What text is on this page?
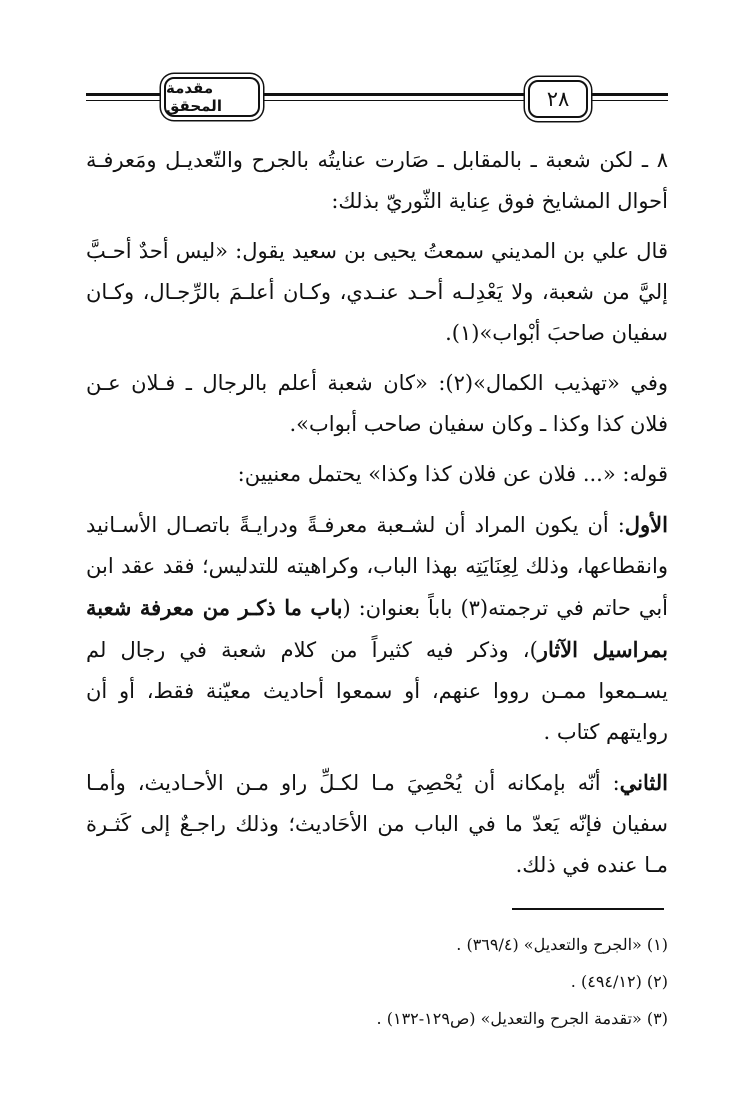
مقدمة المحقق	٢٨

٨ ـ لكن شعبة ـ بالمقابل ـ صَارت عنايتُه بالجرح والتّعديـل ومَعرفـة أحوال المشايخ فوق عِناية الثّوريّ بذلك:

قال علي بن المديني سمعتُ يحيى بن سعيد يقول: «ليس أحدٌ أحـبَّ إليَّ من شعبة، ولا يَعْدِلـه أحـد عنـدي، وكـان أعلـمَ بالرِّجـال، وكـان سفيان صاحبَ أبْواب»(١).

وفي «تهذيب الكمال»(٢): «كان شعبة أعلم بالرجال ـ فـلان عـن فلان كذا وكذا ـ وكان سفيان صاحب أبواب».

قوله: «... فلان عن فلان كذا وكذا» يحتمل معنيين:

الأول: أن يكون المراد أن لشـعبة معرفـةً ودرايـةً باتصـال الأسـانيد وانقطاعها، وذلك لِعِنَايَتِه بهذا الباب، وكراهيته للتدليس؛ فقد عقد ابن أبي حاتم في ترجمته(٣) باباً بعنوان: (باب ما ذكـر من معرفة شعبة بمراسيل الآثار)، وذكر فيه كثيراً من كلام شعبة في رجال لم يسـمعوا ممـن رووا عنهم، أو سمعوا أحاديث معيّنة فقط، أو أن روايتهم كتاب .

الثاني: أنّه بإمكانه أن يُحْصِيَ مـا لكـلِّ راو مـن الأحـاديث، وأمـا سفيان فإنّه يَعدّ ما في الباب من الأحَاديث؛ وذلك راجـعٌ إلى كَثـرة مـا عنده في ذلك.

(١) «الجرح والتعديل» (٣٦٩/٤) .
(٢) (٤٩٤/١٢) .
(٣) «تقدمة الجرح والتعديل» (ص١٢٩-١٣٢) .
